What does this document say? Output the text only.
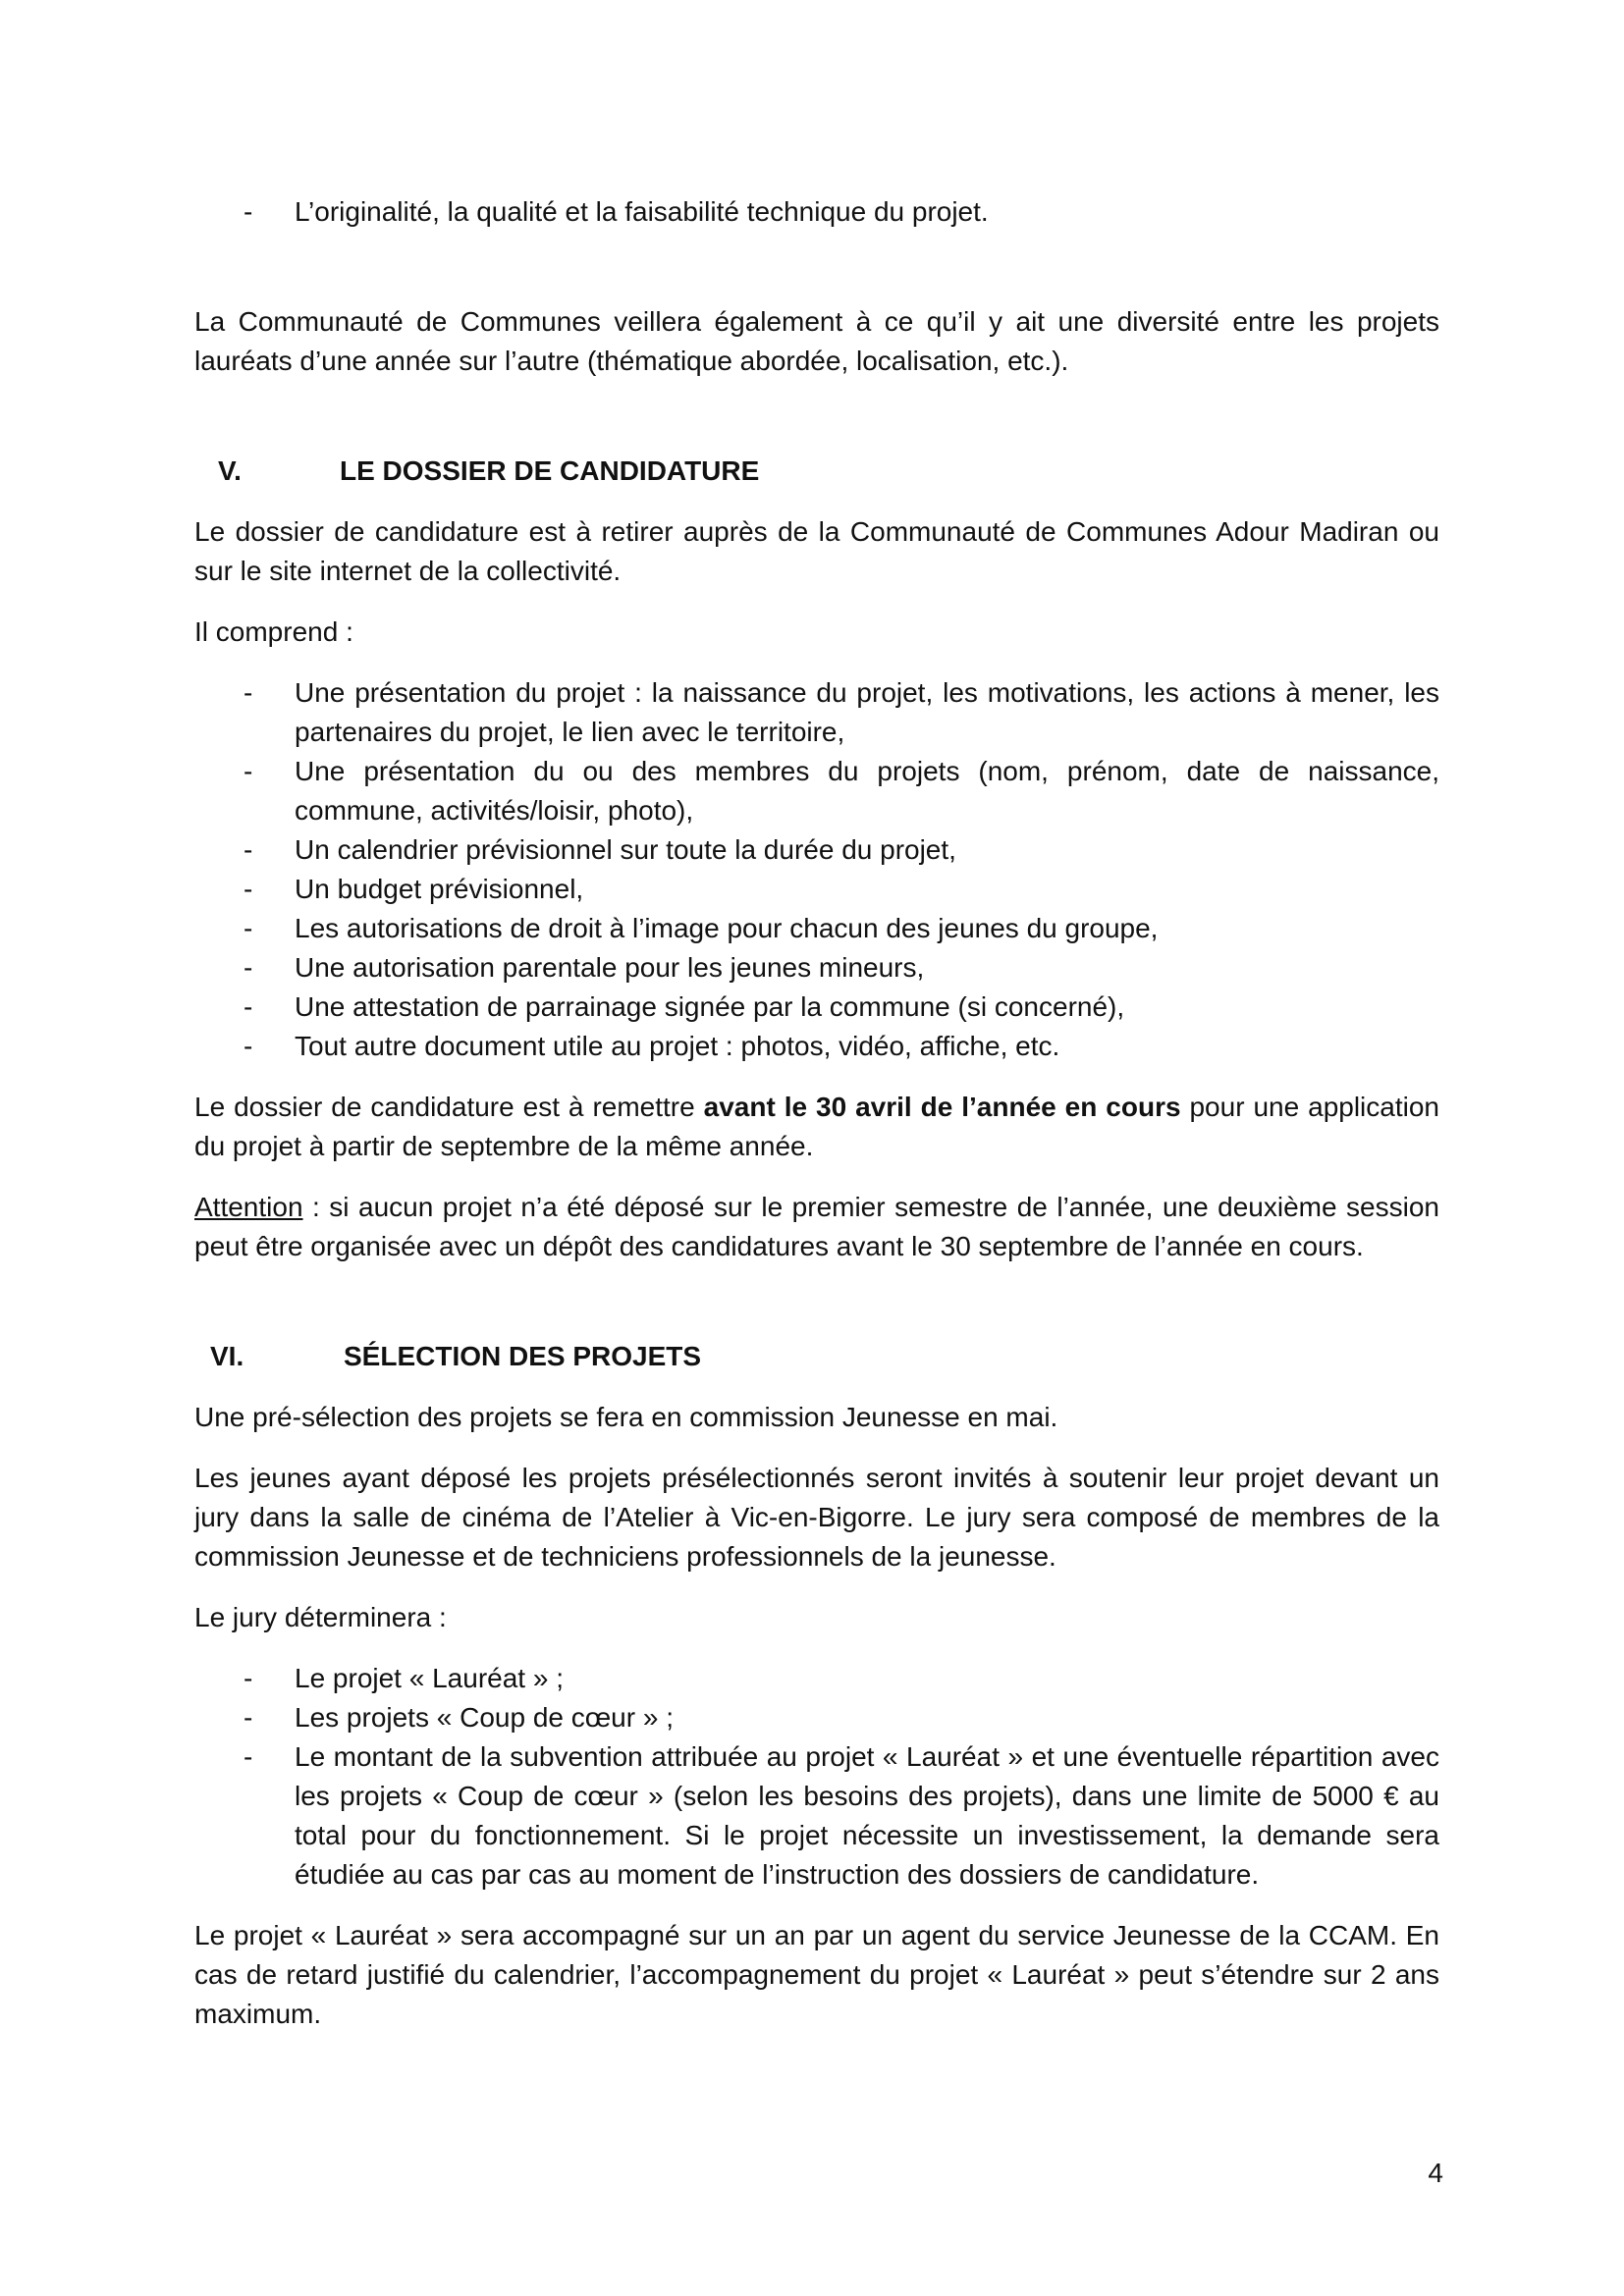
- L’originalité, la qualité et la faisabilité technique du projet.

La Communauté de Communes veillera également à ce qu’il y ait une diversité entre les projets lauréats d’une année sur l’autre (thématique abordée, localisation, etc.).

V.	LE DOSSIER DE CANDIDATURE

Le dossier de candidature est à retirer auprès de la Communauté de Communes Adour Madiran ou sur le site internet de la collectivité.

Il comprend :

- Une présentation du projet : la naissance du projet, les motivations, les actions à mener, les partenaires du projet, le lien avec le territoire,
- Une présentation du ou des membres du projets (nom, prénom, date de naissance, commune, activités/loisir, photo),
- Un calendrier prévisionnel sur toute la durée du projet,
- Un budget prévisionnel,
- Les autorisations de droit à l’image pour chacun des jeunes du groupe,
- Une autorisation parentale pour les jeunes mineurs,
- Une attestation de parrainage signée par la commune (si concerné),
- Tout autre document utile au projet : photos, vidéo, affiche, etc.

Le dossier de candidature est à remettre avant le 30 avril de l’année en cours pour une application du projet à partir de septembre de la même année.

Attention : si aucun projet n’a été déposé sur le premier semestre de l’année, une deuxième session peut être organisée avec un dépôt des candidatures avant le 30 septembre de l’année en cours.

VI.	SÉLECTION DES PROJETS

Une pré-sélection des projets se fera en commission Jeunesse en mai.

Les jeunes ayant déposé les projets présélectionnés seront invités à soutenir leur projet devant un jury dans la salle de cinéma de l’Atelier à Vic-en-Bigorre. Le jury sera composé de membres de la commission Jeunesse et de techniciens professionnels de la jeunesse.

Le jury déterminera :

- Le projet « Lauréat » ;
- Les projets « Coup de cœur » ;
- Le montant de la subvention attribuée au projet « Lauréat » et une éventuelle répartition avec les projets « Coup de cœur » (selon les besoins des projets), dans une limite de 5000 € au total pour du fonctionnement. Si le projet nécessite un investissement, la demande sera étudiée au cas par cas au moment de l’instruction des dossiers de candidature.

Le projet « Lauréat » sera accompagné sur un an par un agent du service Jeunesse de la CCAM. En cas de retard justifié du calendrier, l’accompagnement du projet « Lauréat » peut s’étendre sur 2 ans maximum.

4
